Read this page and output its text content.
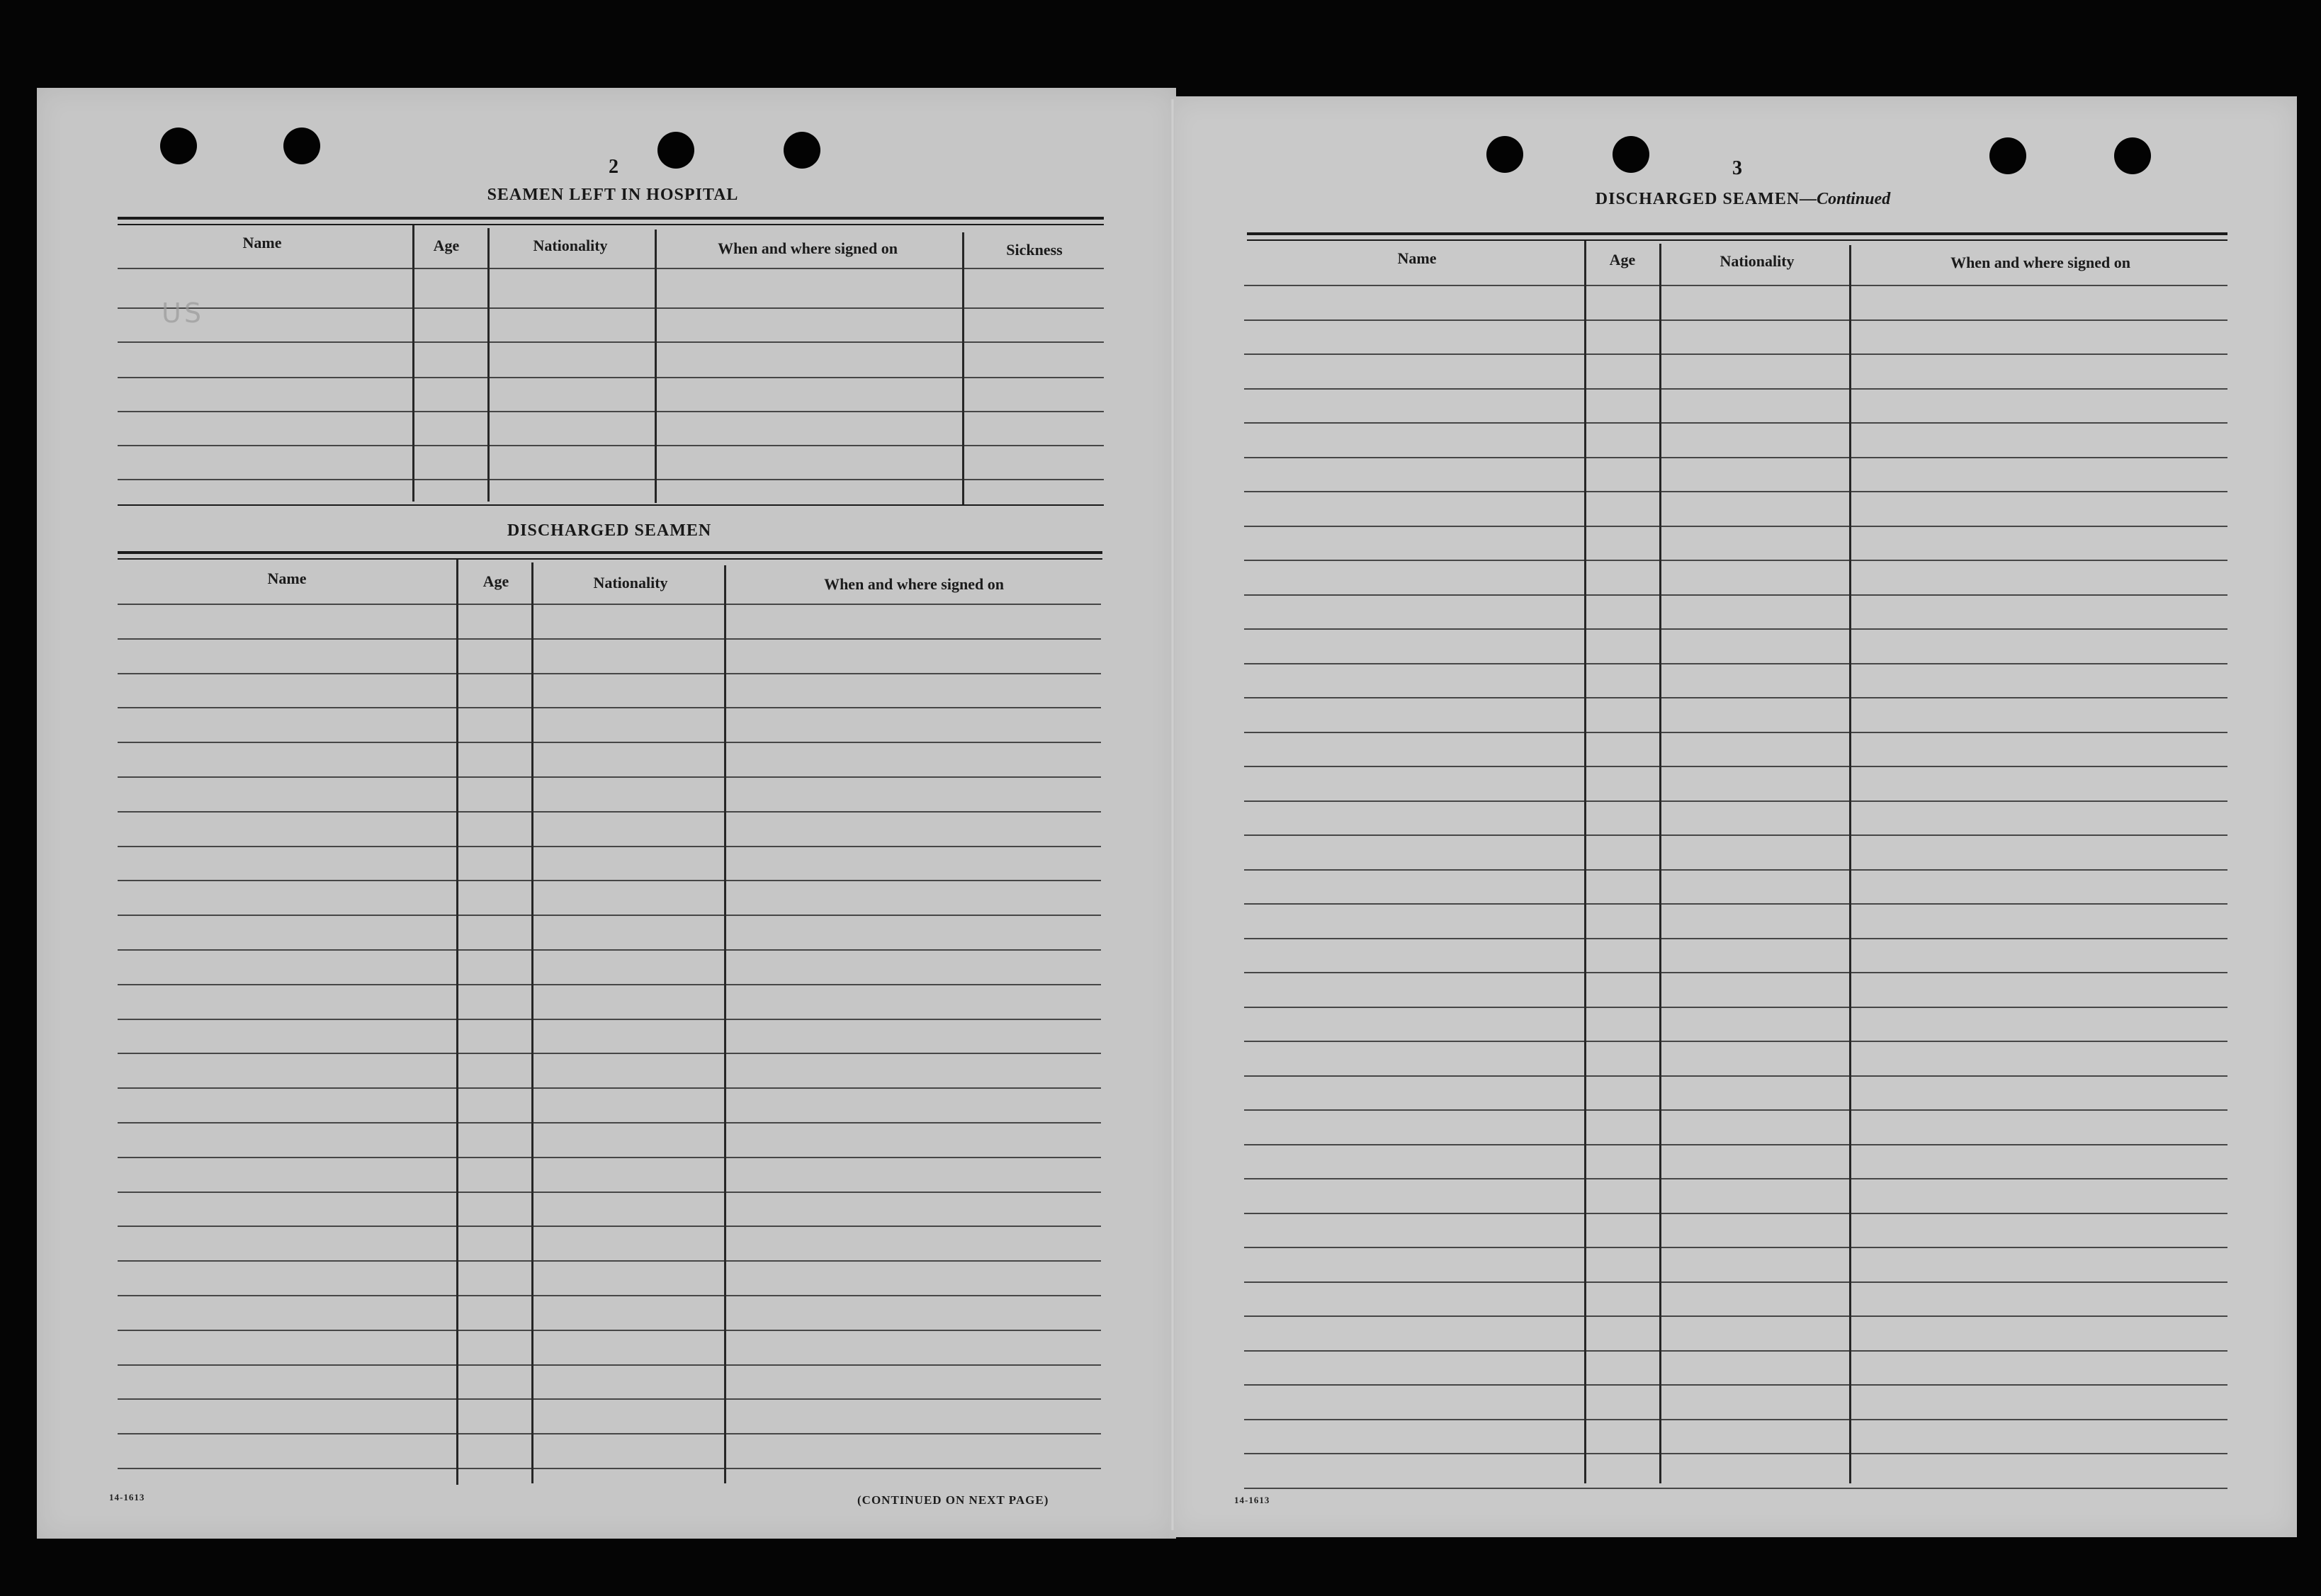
2
SEAMEN LEFT IN HOSPITAL
Name	Age	Nationality	When and where signed on	Sickness
US
DISCHARGED SEAMEN
Name	Age	Nationality	When and where signed on
14-1613	(CONTINUED ON NEXT PAGE)
3
DISCHARGED SEAMEN—Continued
Name	Age	Nationality	When and where signed on
14-1613
